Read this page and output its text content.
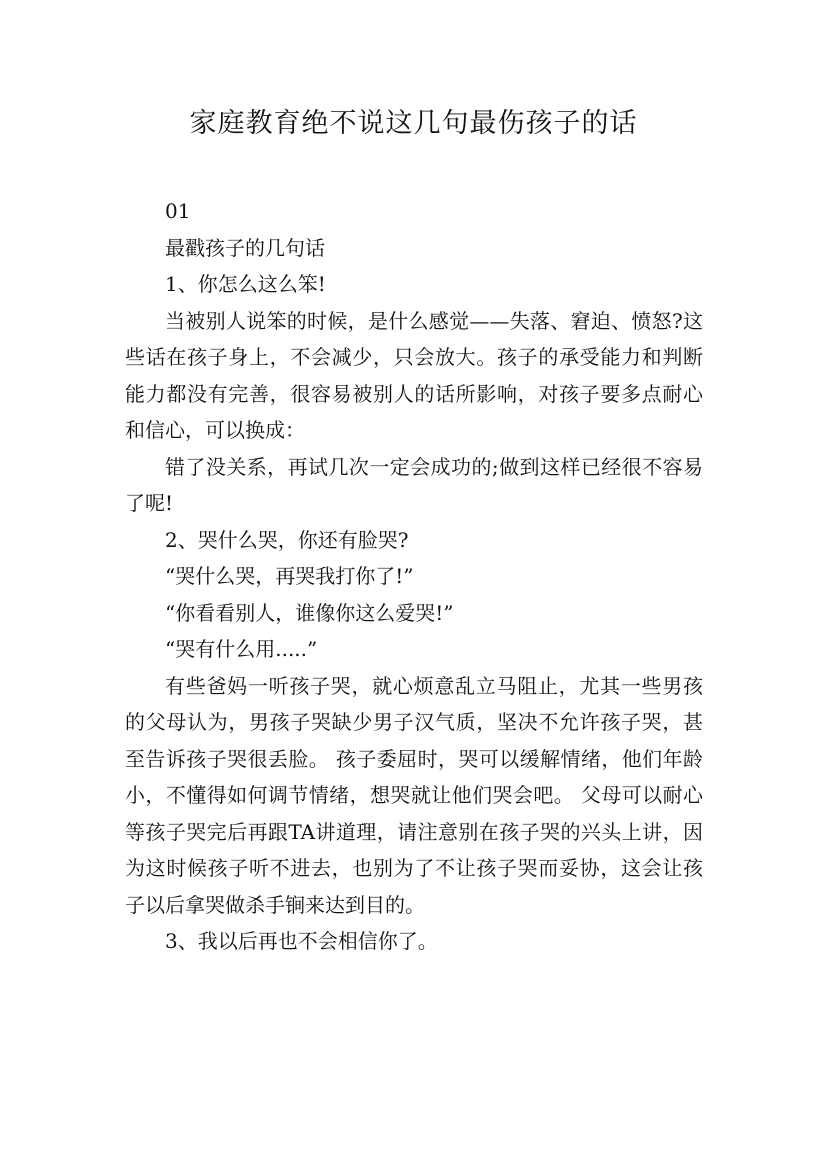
家庭教育绝不说这几句最伤孩子的话

01

最戳孩子的几句话

1、你怎么这么笨!

当被别人说笨的时候，是什么感觉——失落、窘迫、愤怒?这些话在孩子身上，不会减少，只会放大。孩子的承受能力和判断能力都没有完善，很容易被别人的话所影响，对孩子要多点耐心和信心，可以换成：

错了没关系，再试几次一定会成功的;做到这样已经很不容易了呢!

2、哭什么哭，你还有脸哭?

“哭什么哭，再哭我打你了!”

“你看看别人，谁像你这么爱哭!”

“哭有什么用.....”

有些爸妈一听孩子哭，就心烦意乱立马阻止，尤其一些男孩的父母认为，男孩子哭缺少男子汉气质，坚决不允许孩子哭，甚至告诉孩子哭很丢脸。 孩子委屈时，哭可以缓解情绪，他们年龄小，不懂得如何调节情绪，想哭就让他们哭会吧。 父母可以耐心等孩子哭完后再跟TA讲道理，请注意别在孩子哭的兴头上讲，因为这时候孩子听不进去，也别为了不让孩子哭而妥协，这会让孩子以后拿哭做杀手锏来达到目的。

3、我以后再也不会相信你了。
